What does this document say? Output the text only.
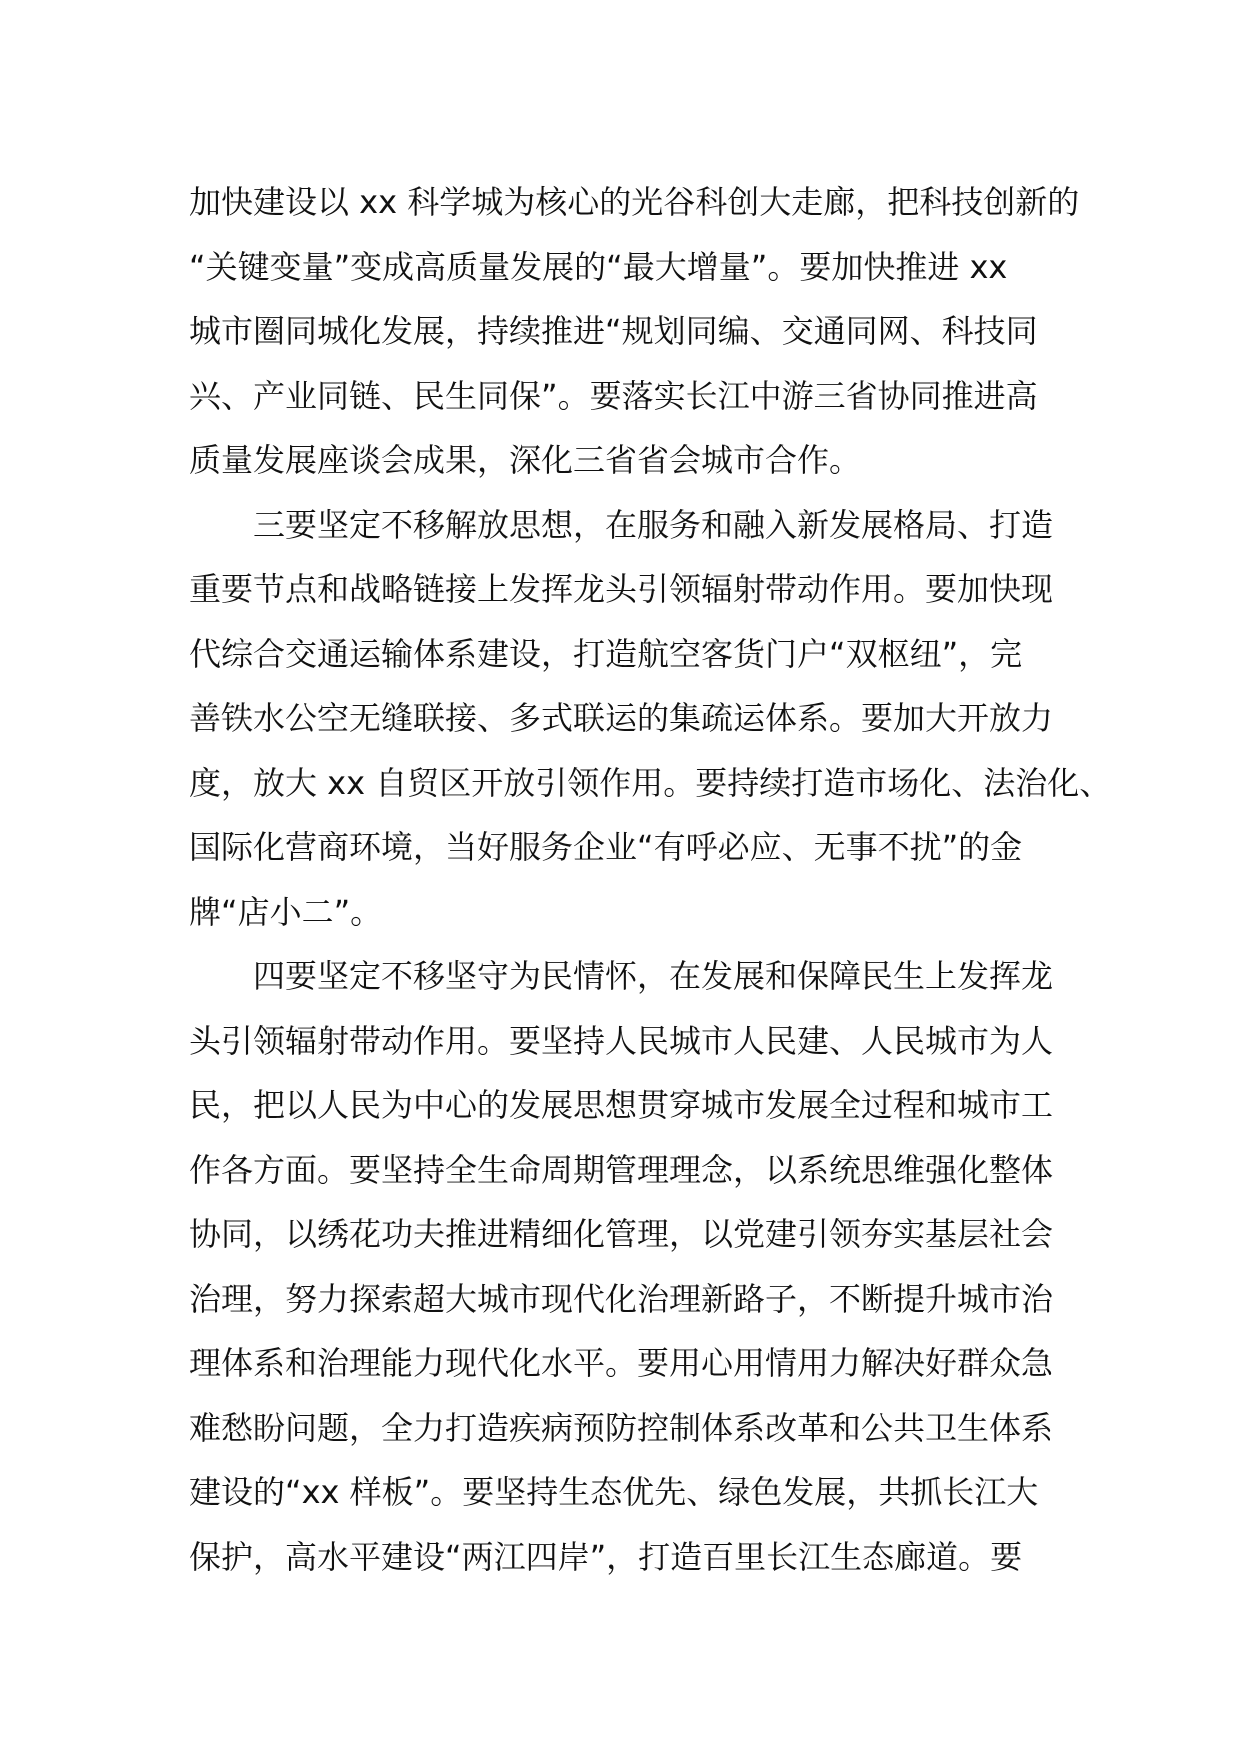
加快建设以 xx 科学城为核心的光谷科创大走廊，把科技创新的
“关键变量”变成高质量发展的“最大增量”。要加快推进 xx
城市圈同城化发展，持续推进“规划同编、交通同网、科技同
兴、产业同链、民生同保”。要落实长江中游三省协同推进高
质量发展座谈会成果，深化三省省会城市合作。
三要坚定不移解放思想，在服务和融入新发展格局、打造
重要节点和战略链接上发挥龙头引领辐射带动作用。要加快现
代综合交通运输体系建设，打造航空客货门户“双枢纽”，完
善铁水公空无缝联接、多式联运的集疏运体系。要加大开放力
度，放大 xx 自贸区开放引领作用。要持续打造市场化、法治化、
国际化营商环境，当好服务企业“有呼必应、无事不扰”的金
牌“店小二”。
四要坚定不移坚守为民情怀，在发展和保障民生上发挥龙
头引领辐射带动作用。要坚持人民城市人民建、人民城市为人
民，把以人民为中心的发展思想贯穿城市发展全过程和城市工
作各方面。要坚持全生命周期管理理念，以系统思维强化整体
协同，以绣花功夫推进精细化管理，以党建引领夯实基层社会
治理，努力探索超大城市现代化治理新路子，不断提升城市治
理体系和治理能力现代化水平。要用心用情用力解决好群众急
难愁盼问题，全力打造疾病预防控制体系改革和公共卫生体系
建设的“xx 样板”。要坚持生态优先、绿色发展，共抓长江大
保护，高水平建设“两江四岸”，打造百里长江生态廊道。要
